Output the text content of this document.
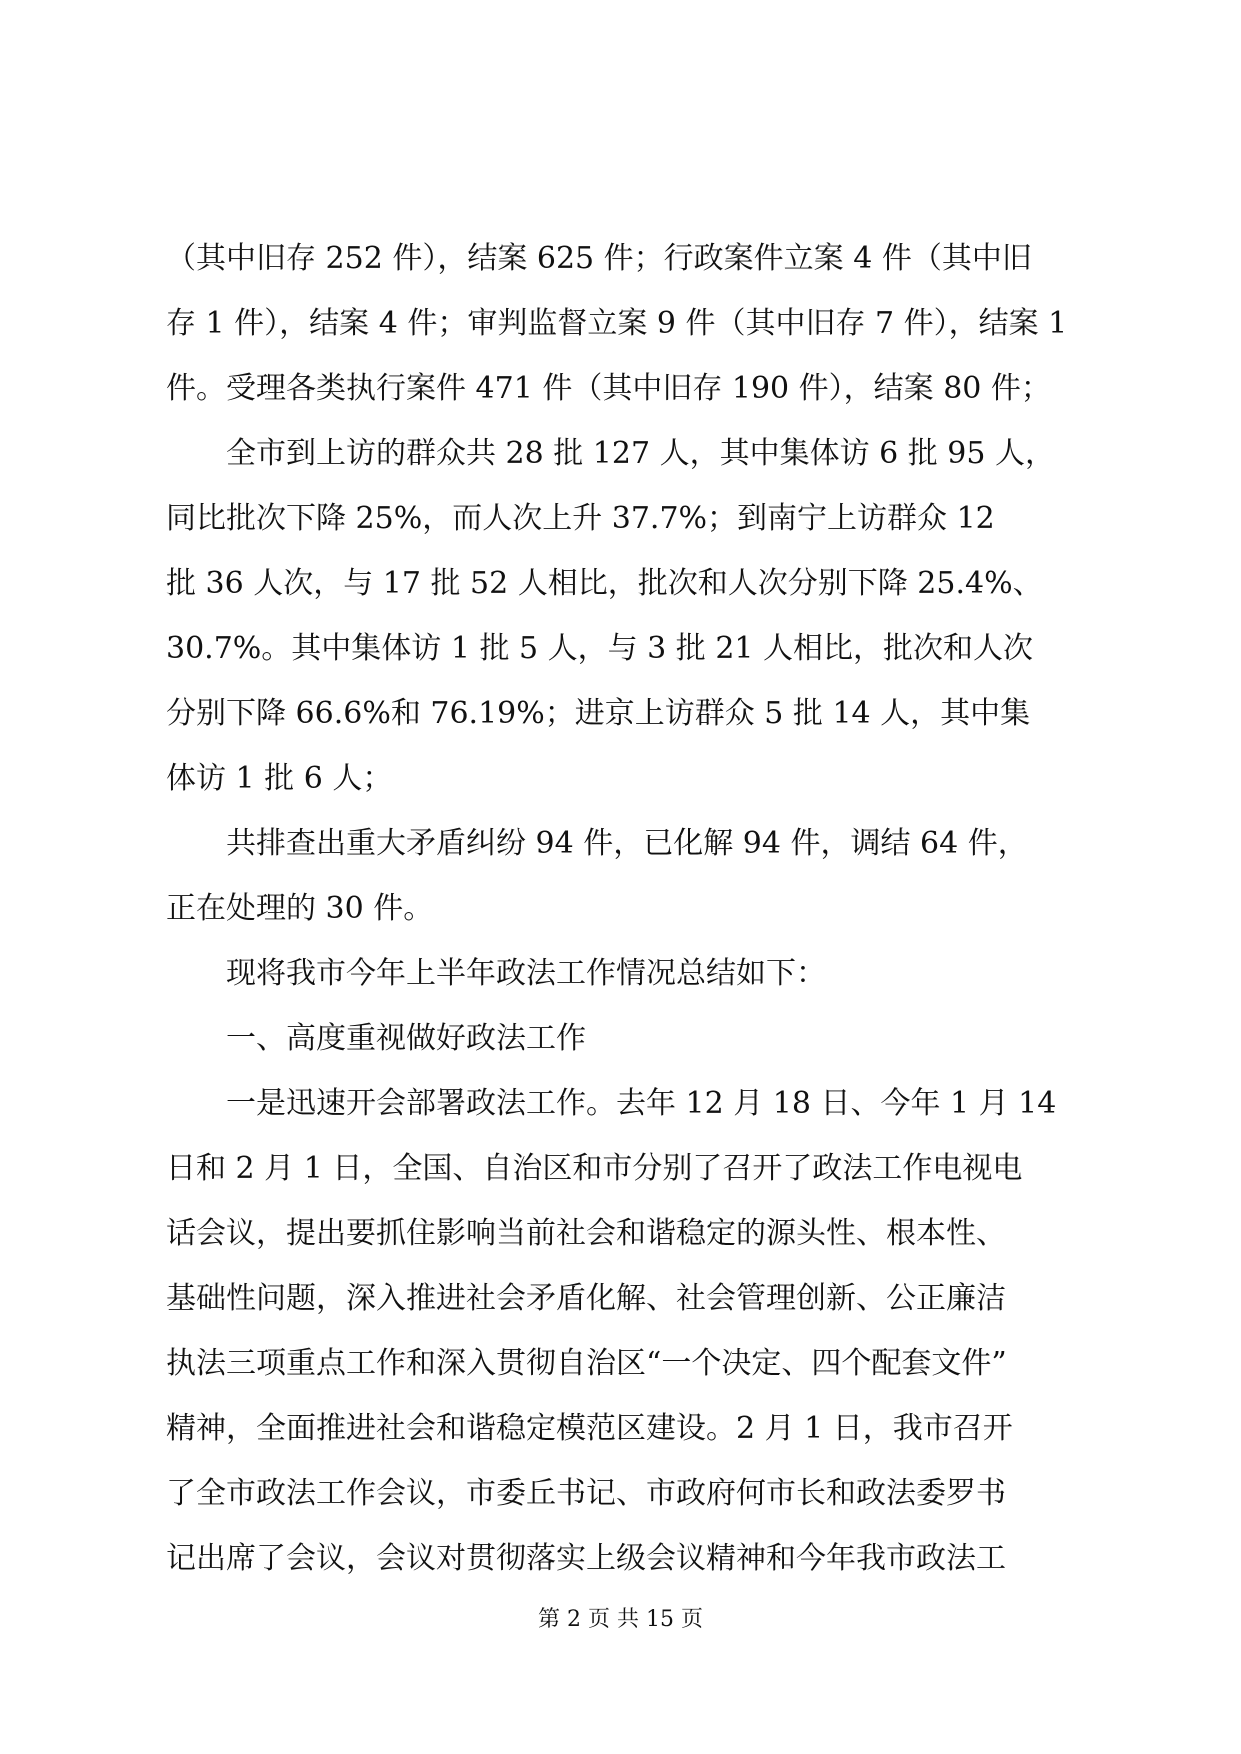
（其中旧存 252 件），结案 625 件；行政案件立案 4 件（其中旧
存 1 件），结案 4 件；审判监督立案 9 件（其中旧存 7 件），结案 1
件。受理各类执行案件 471 件（其中旧存 190 件），结案 80 件；
　　全市到上访的群众共 28 批 127 人，其中集体访 6 批 95 人，
同比批次下降 25%，而人次上升 37.7%；到南宁上访群众 12
批 36 人次，与 17 批 52 人相比，批次和人次分别下降 25.4%、
30.7%。其中集体访 1 批 5 人，与 3 批 21 人相比，批次和人次
分别下降 66.6%和 76.19%；进京上访群众 5 批 14 人，其中集
体访 1 批 6 人；
　　共排查出重大矛盾纠纷 94 件，已化解 94 件，调结 64 件，
正在处理的 30 件。
　　现将我市今年上半年政法工作情况总结如下：
　　一、高度重视做好政法工作
　　一是迅速开会部署政法工作。去年 12 月 18 日、今年 1 月 14
日和 2 月 1 日，全国、自治区和市分别了召开了政法工作电视电
话会议，提出要抓住影响当前社会和谐稳定的源头性、根本性、
基础性问题，深入推进社会矛盾化解、社会管理创新、公正廉洁
执法三项重点工作和深入贯彻自治区“一个决定、四个配套文件”
精神，全面推进社会和谐稳定模范区建设。2 月 1 日，我市召开
了全市政法工作会议，市委丘书记、市政府何市长和政法委罗书
记出席了会议，会议对贯彻落实上级会议精神和今年我市政法工
第 2 页 共 15 页
